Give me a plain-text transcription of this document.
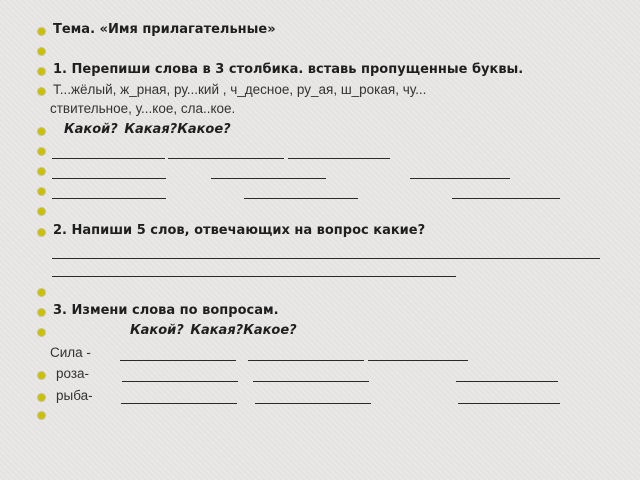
Тема. «Имя прилагательные»
1. Перепиши слова в 3 столбика. вставь пропущенные буквы.
Т...жёлый, ж_рная, ру...кий , ч_десное, ру_ая, ш_рокая, чу...
ствительное, у...кое, сла..кое.
Какой? Какая?Какое?
2. Напиши 5 слов, отвечающих на вопрос какие?
3. Измени слова по вопросам.
Какой? Какая?Какое?
Сила -
роза-
рыба-
